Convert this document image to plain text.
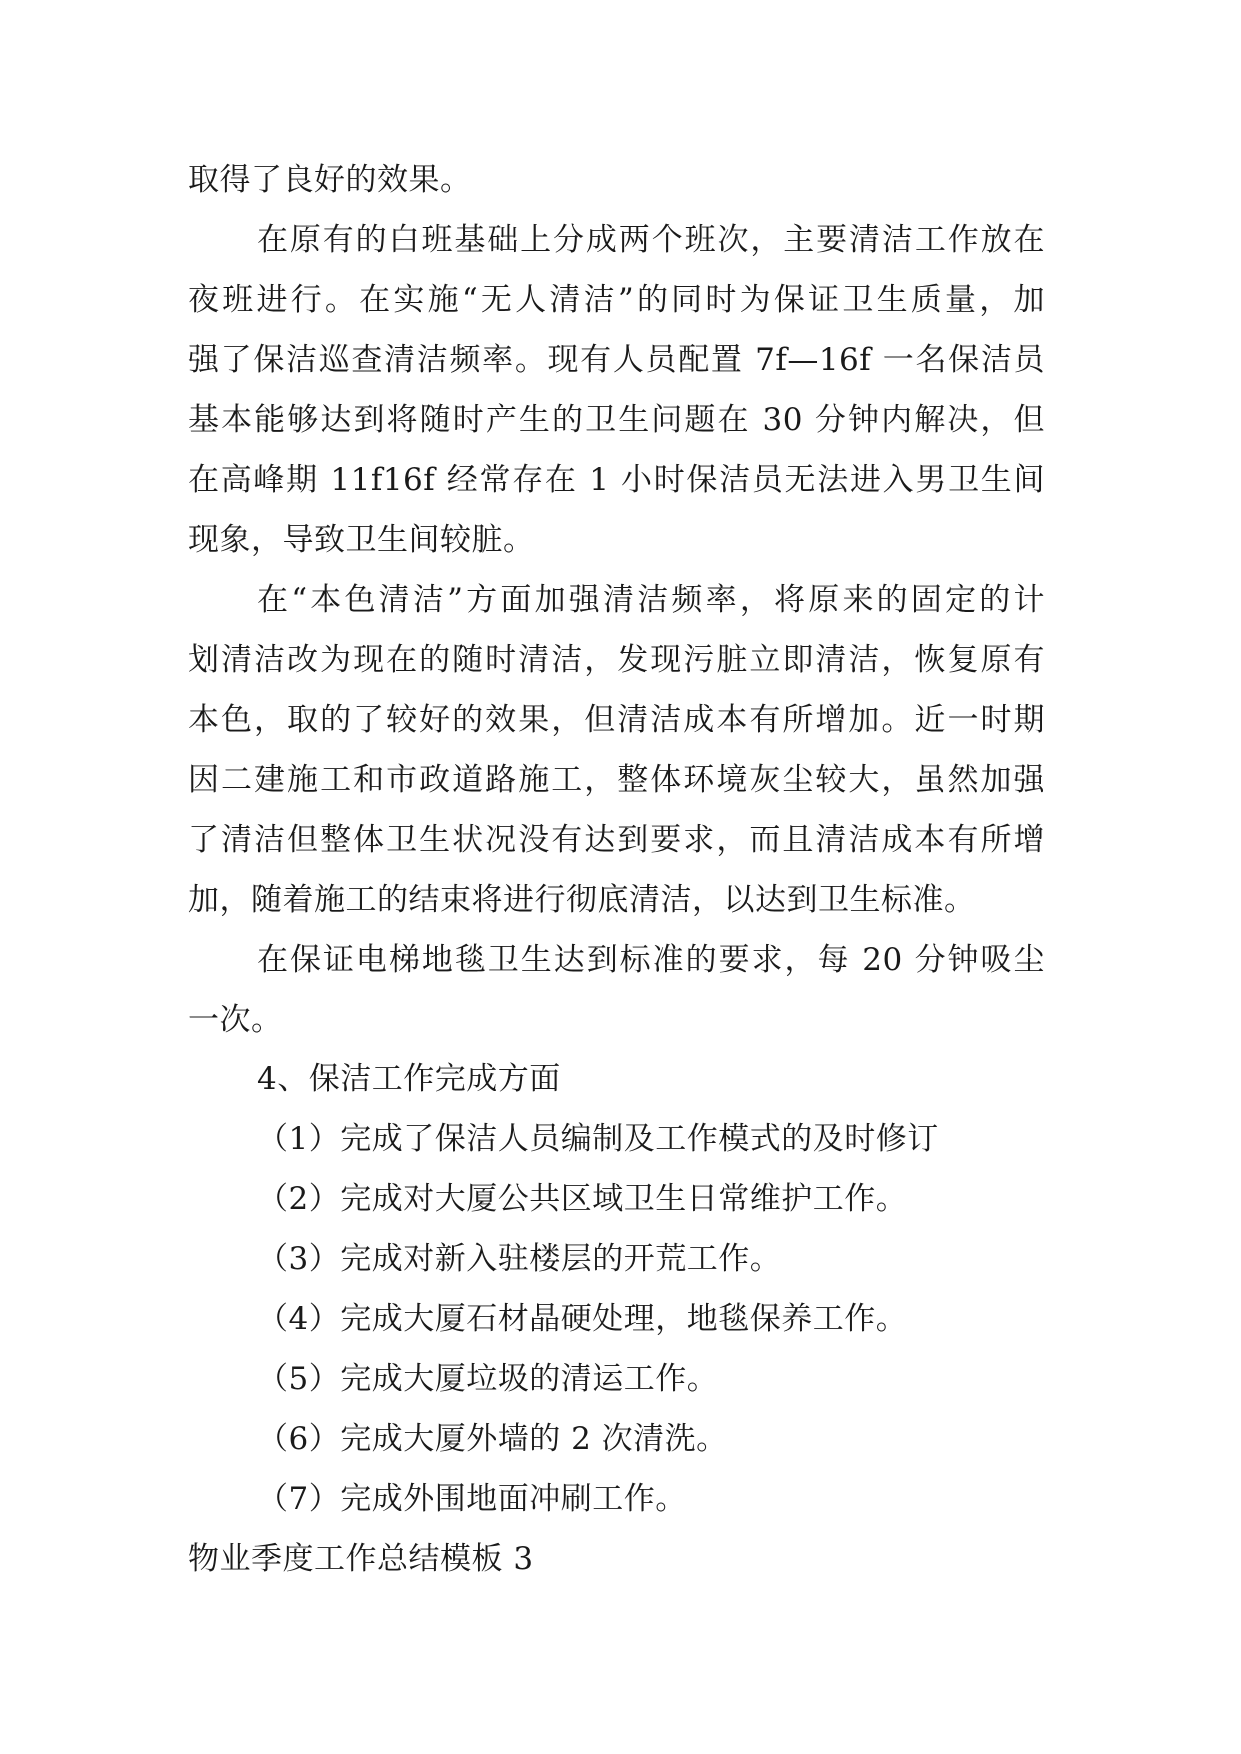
取得了良好的效果。
在原有的白班基础上分成两个班次，主要清洁工作放在
夜班进行。在实施“无人清洁”的同时为保证卫生质量，加
强了保洁巡查清洁频率。现有人员配置 7f—16f 一名保洁员
基本能够达到将随时产生的卫生问题在 30 分钟内解决，但
在高峰期 11f16f 经常存在 1 小时保洁员无法进入男卫生间
现象，导致卫生间较脏。
在“本色清洁”方面加强清洁频率，将原来的固定的计
划清洁改为现在的随时清洁，发现污脏立即清洁，恢复原有
本色，取的了较好的效果，但清洁成本有所增加。近一时期
因二建施工和市政道路施工，整体环境灰尘较大，虽然加强
了清洁但整体卫生状况没有达到要求，而且清洁成本有所增
加，随着施工的结束将进行彻底清洁，以达到卫生标准。
在保证电梯地毯卫生达到标准的要求，每 20 分钟吸尘
一次。
4、保洁工作完成方面
（1）完成了保洁人员编制及工作模式的及时修订
（2）完成对大厦公共区域卫生日常维护工作。
（3）完成对新入驻楼层的开荒工作。
（4）完成大厦石材晶硬处理，地毯保养工作。
（5）完成大厦垃圾的清运工作。
（6）完成大厦外墙的 2 次清洗。
（7）完成外围地面冲刷工作。
物业季度工作总结模板 3
